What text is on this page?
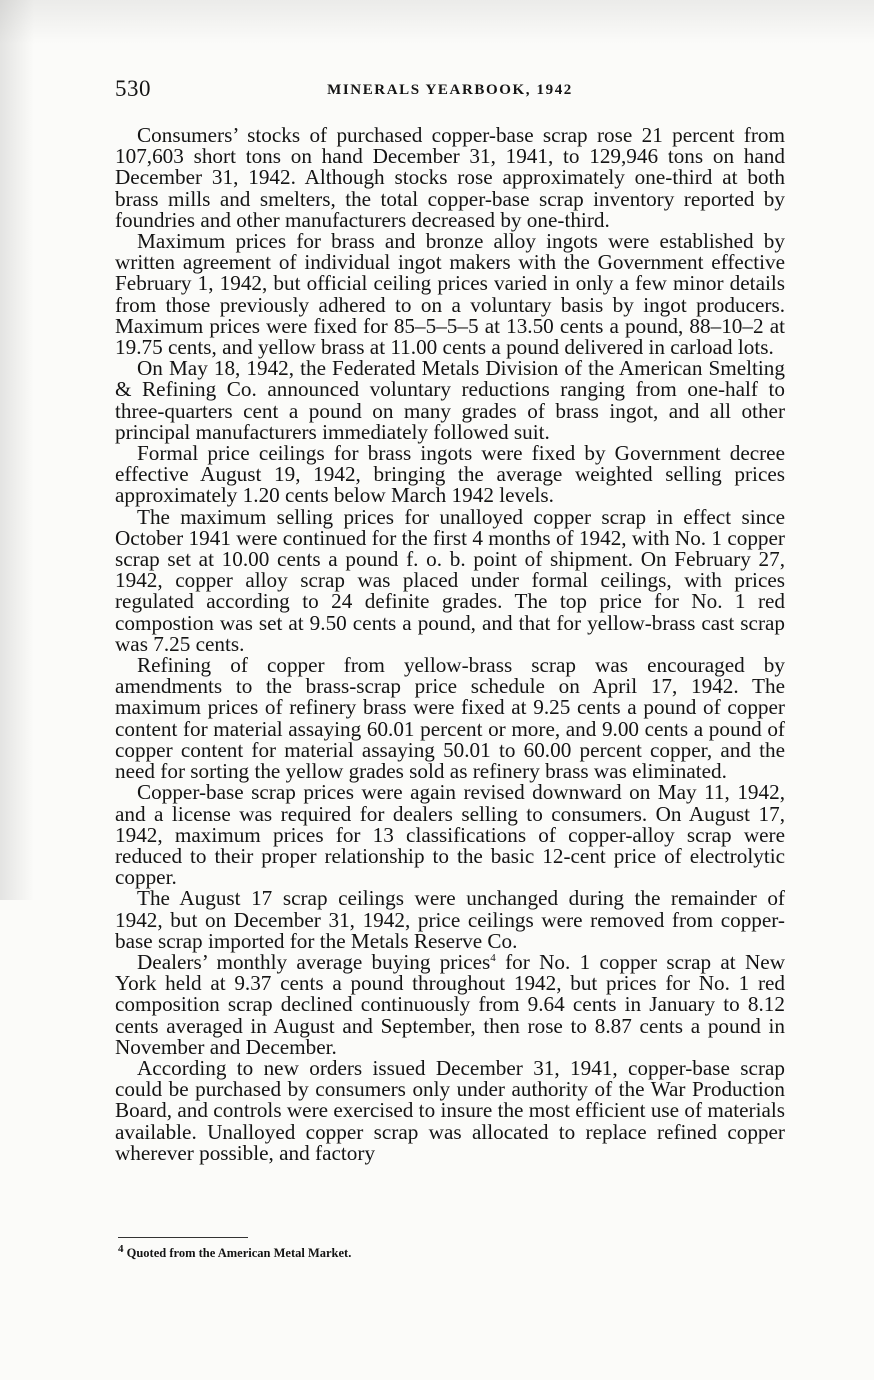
530	MINERALS YEARBOOK, 1942

Consumers’ stocks of purchased copper-base scrap rose 21 percent from 107,603 short tons on hand December 31, 1941, to 129,946 tons on hand December 31, 1942. Although stocks rose approximately one-third at both brass mills and smelters, the total copper-base scrap inventory reported by foundries and other manufacturers decreased by one-third.

Maximum prices for brass and bronze alloy ingots were established by written agreement of individual ingot makers with the Government effective February 1, 1942, but official ceiling prices varied in only a few minor details from those previously adhered to on a voluntary basis by ingot producers. Maximum prices were fixed for 85–5–5–5 at 13.50 cents a pound, 88–10–2 at 19.75 cents, and yellow brass at 11.00 cents a pound delivered in carload lots.

On May 18, 1942, the Federated Metals Division of the American Smelting & Refining Co. announced voluntary reductions ranging from one-half to three-quarters cent a pound on many grades of brass ingot, and all other principal manufacturers immediately followed suit.

Formal price ceilings for brass ingots were fixed by Government decree effective August 19, 1942, bringing the average weighted selling prices approximately 1.20 cents below March 1942 levels.

The maximum selling prices for unalloyed copper scrap in effect since October 1941 were continued for the first 4 months of 1942, with No. 1 copper scrap set at 10.00 cents a pound f. o. b. point of shipment. On February 27, 1942, copper alloy scrap was placed under formal ceilings, with prices regulated according to 24 definite grades. The top price for No. 1 red compostion was set at 9.50 cents a pound, and that for yellow-brass cast scrap was 7.25 cents.

Refining of copper from yellow-brass scrap was encouraged by amendments to the brass-scrap price schedule on April 17, 1942. The maximum prices of refinery brass were fixed at 9.25 cents a pound of copper content for material assaying 60.01 percent or more, and 9.00 cents a pound of copper content for material assaying 50.01 to 60.00 percent copper, and the need for sorting the yellow grades sold as refinery brass was eliminated.

Copper-base scrap prices were again revised downward on May 11, 1942, and a license was required for dealers selling to consumers. On August 17, 1942, maximum prices for 13 classifications of copper-alloy scrap were reduced to their proper relationship to the basic 12-cent price of electrolytic copper.

The August 17 scrap ceilings were unchanged during the remainder of 1942, but on December 31, 1942, price ceilings were removed from copper-base scrap imported for the Metals Reserve Co.

Dealers’ monthly average buying prices$^4$ for No. 1 copper scrap at New York held at 9.37 cents a pound throughout 1942, but prices for No. 1 red composition scrap declined continuously from 9.64 cents in January to 8.12 cents averaged in August and September, then rose to 8.87 cents a pound in November and December.

According to new orders issued December 31, 1941, copper-base scrap could be purchased by consumers only under authority of the War Production Board, and controls were exercised to insure the most efficient use of materials available. Unalloyed copper scrap was allocated to replace refined copper wherever possible, and factory

$^4$ Quoted from the American Metal Market.
